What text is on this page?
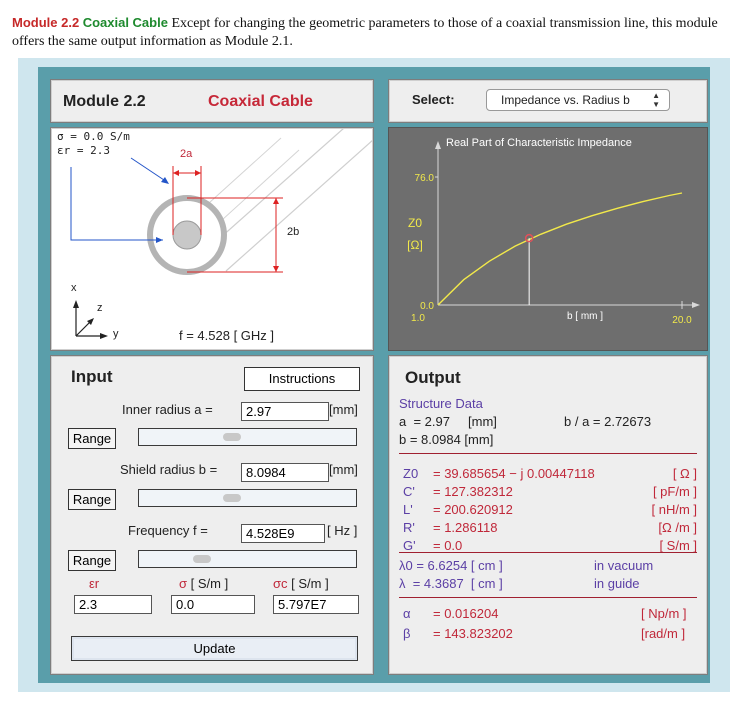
Module 2.2 Coaxial Cable Except for changing the geometric parameters to those of a coaxial transmission line, this module offers the same output information as Module 2.1.
Module 2.2	Coaxial Cable	Select:	Impedance vs. Radius b	▲
▼
σ = 0.0 S/m
εr = 2.3	2a
2b
x
z
y	f = 4.528 [ GHz ]
Real Part of Characteristic Impedance
76.0
0.0
Z0
[Ω]
1.0	20.0
b [ mm ]
Input	Instructions
Inner radius a =	2.97	[mm]
Range
Shield radius b =	8.0984	[mm]
Range
Frequency f =	4.528E9	[ Hz ]
Range
εr	σ [ S/m ]	σc [ S/m ]
2.3	0.0	5.797E7
Update
Output
Structure Data
a  = 2.97     [mm]	b / a = 2.72673
b = 8.0984 [mm]
Z0 = 39.685654 − j 0.00447118	[ Ω ]
C' = 127.382312	[ pF/m ]
L' = 200.620912	[ nH/m ]
R' = 1.286118	[Ω /m ]
G' = 0.0	[ S/m ]
λ0 = 6.6254 [ cm ]	in vacuum
λ  = 4.3687  [ cm ]	in guide
α = 0.016204	[ Np/m ]
β = 143.823202	[rad/m ]
